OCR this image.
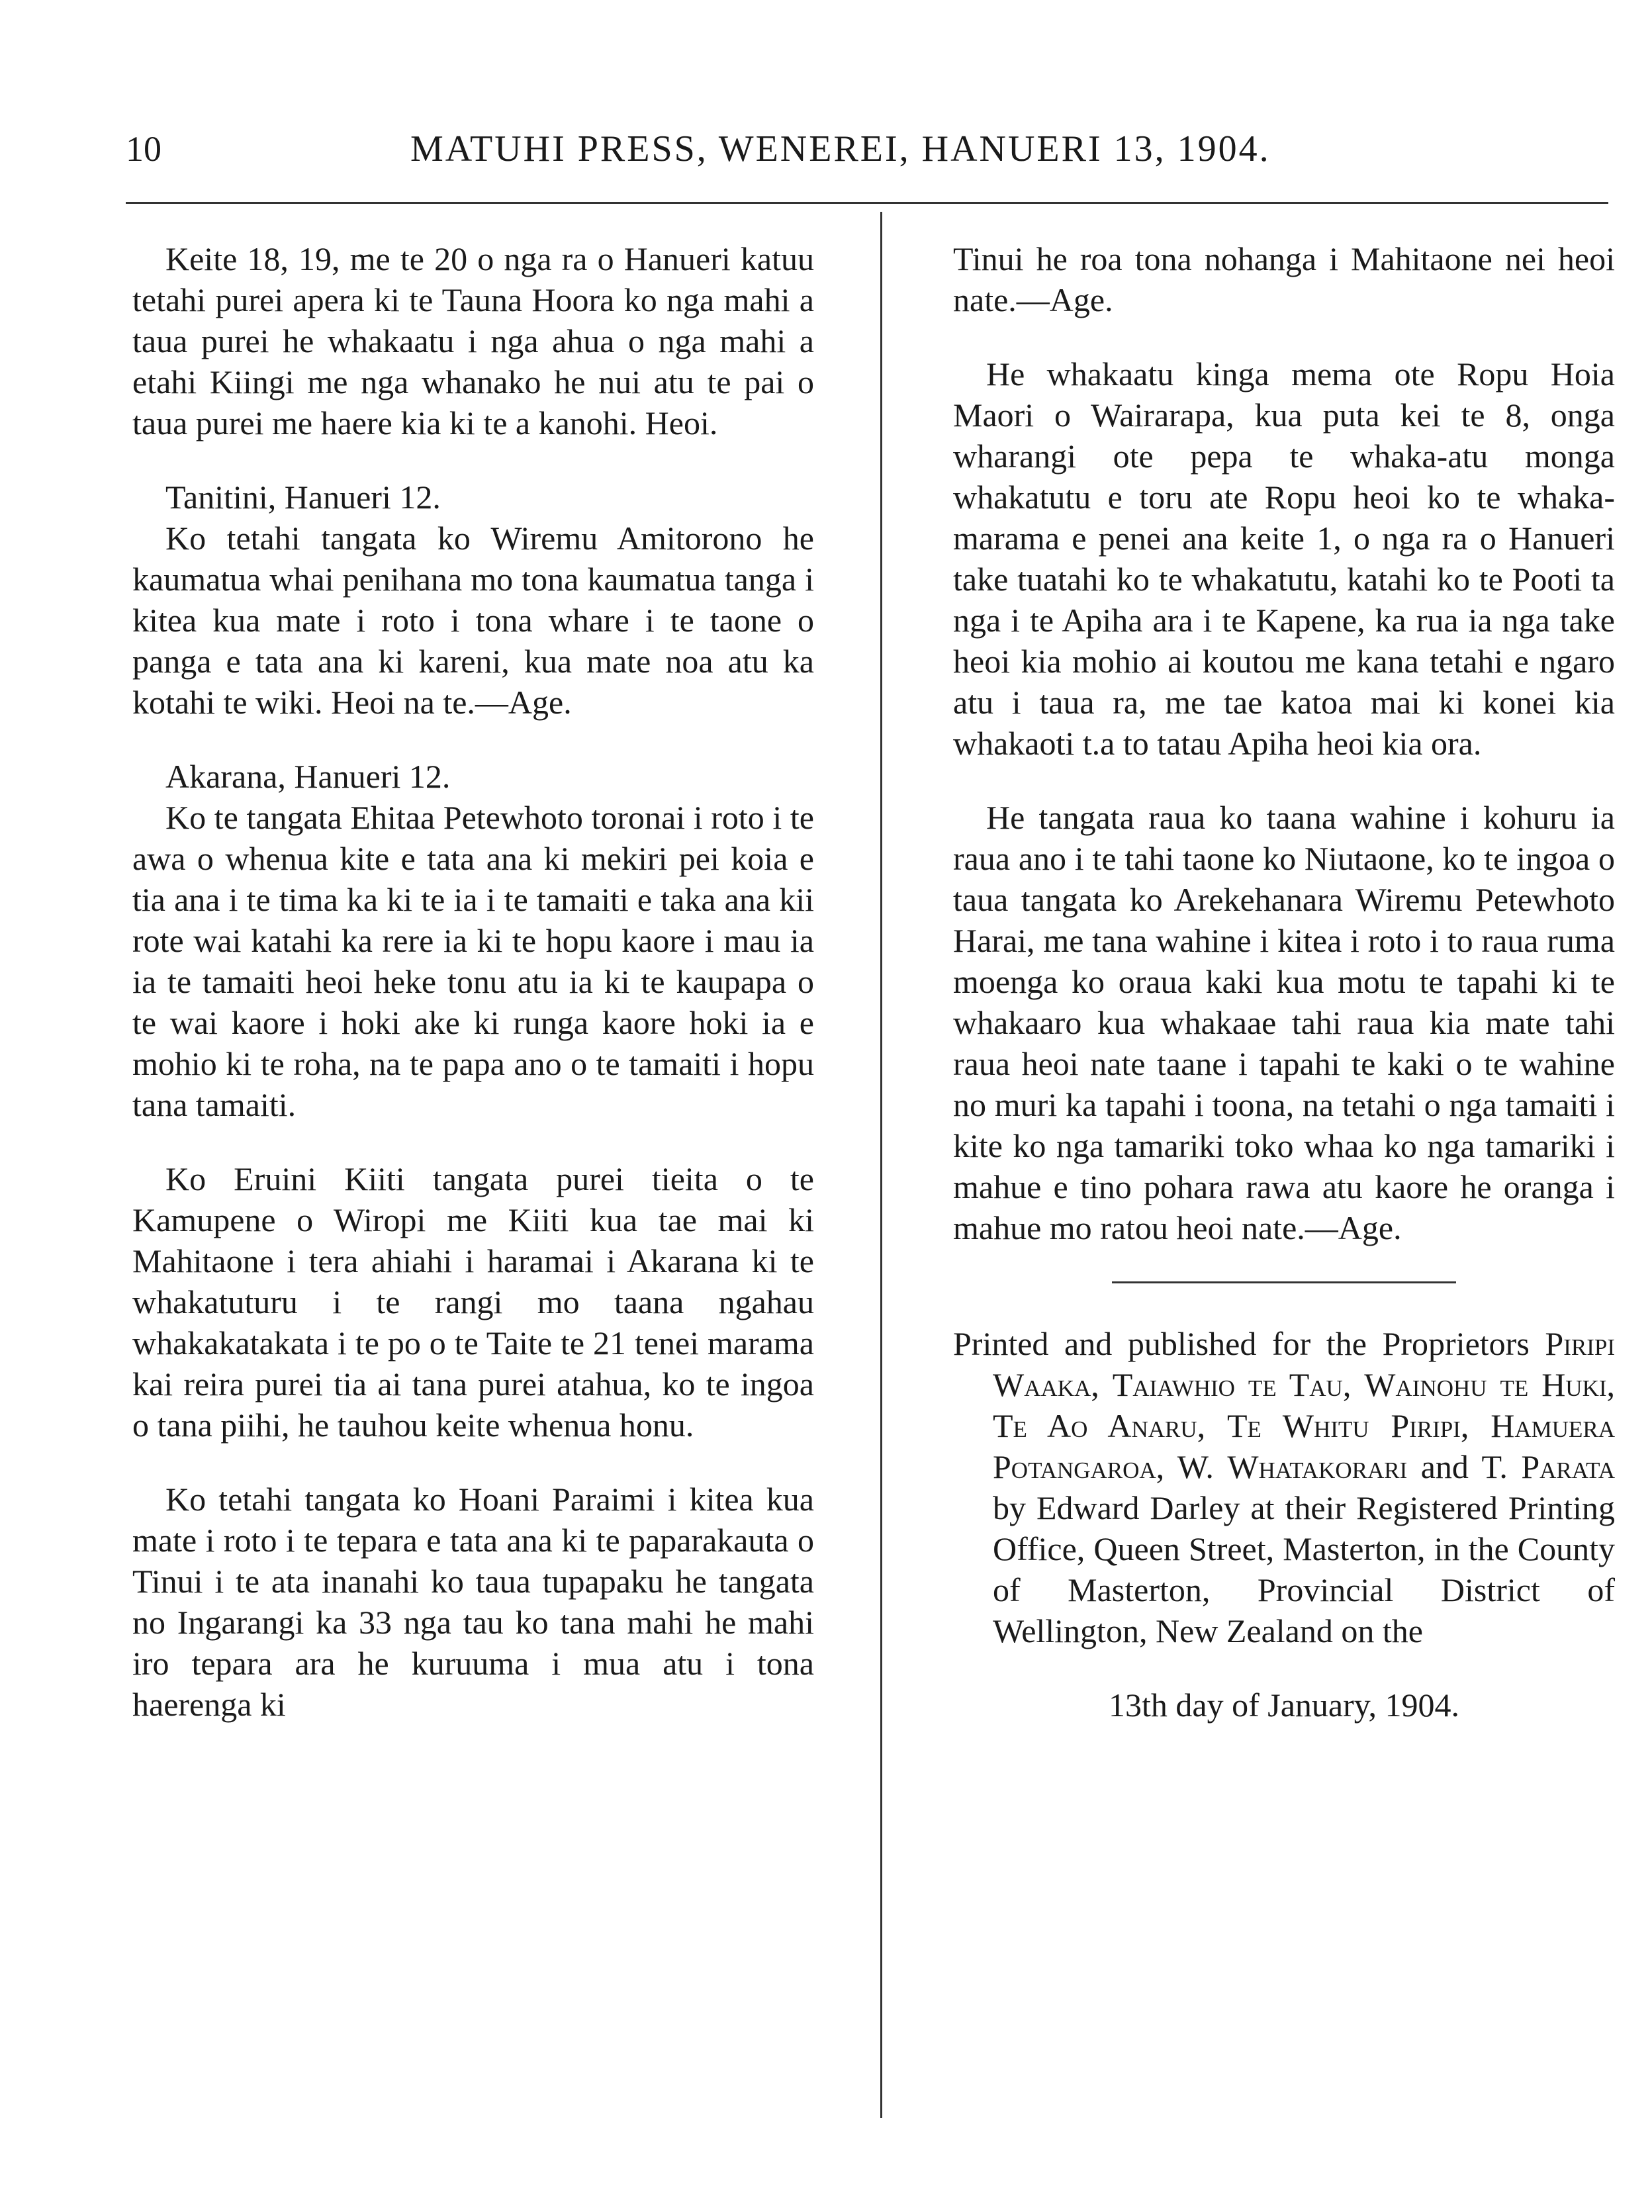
10	MATUHI PRESS, WENEREI, HANUERI 13, 1904.

Keite 18, 19, me te 20 o nga ra o Hanueri katuu tetahi purei apera ki te Tauna Hoora ko nga mahi a taua purei he whakaatu i nga ahua o nga mahi a etahi Kiingi me nga whanako he nui atu te pai o taua purei me haere kia ki te a kanohi. Heoi.

Tanitini, Hanueri 12.

Ko tetahi tangata ko Wiremu Amitorono he kaumatua whai penihana mo tona kaumatua tanga i kitea kua mate i roto i tona whare i te taone o panga e tata ana ki kareni, kua mate noa atu ka kotahi te wiki. Heoi na te.—Age.

Akarana, Hanueri 12.

Ko te tangata Ehitaa Petewhoto toronai i roto i te awa o whenua kite e tata ana ki mekiri pei koia e tia ana i te tima ka ki te ia i te tamaiti e taka ana kii rote wai katahi ka rere ia ki te hopu kaore i mau ia ia te tamaiti heoi heke tonu atu ia ki te kaupapa o te wai kaore i hoki ake ki runga kaore hoki ia e mohio ki te roha, na te papa ano o te tamaiti i hopu tana tamaiti.

Ko Eruini Kiiti tangata purei tieita o te Kamupene o Wiropi me Kiiti kua tae mai ki Mahitaone i tera ahiahi i haramai i Akarana ki te whakatuturu i te rangi mo taana ngahau whakakatakata i te po o te Taite te 21 tenei marama kai reira purei tia ai tana purei atahua, ko te ingoa o tana piihi, he tauhou keite whenua honu.

Ko tetahi tangata ko Hoani Paraimi i kitea kua mate i roto i te tepara e tata ana ki te paparakauta o Tinui i te ata inanahi ko taua tupapaku he tangata no Ingarangi ka 33 nga tau ko tana mahi he mahi iro tepara ara he kuruuma i mua atu i tona haerenga ki

Tinui he roa tona nohanga i Mahitaone nei heoi nate.—Age.

He whakaatu kinga mema ote Ropu Hoia Maori o Wairarapa, kua puta kei te 8, onga wharangi ote pepa te whaka-atu monga whakatutu e toru ate Ropu heoi ko te whaka-marama e penei ana keite 1, o nga ra o Hanueri take tuatahi ko te whakatutu, katahi ko te Pooti ta nga i te Apiha ara i te Kapene, ka rua ia nga take heoi kia mohio ai koutou me kana tetahi e ngaro atu i taua ra, me tae katoa mai ki konei kia whakaoti t.a to tatau Apiha heoi kia ora.

He tangata raua ko taana wahine i kohuru ia raua ano i te tahi taone ko Niutaone, ko te ingoa o taua tangata ko Arekehanara Wiremu Petewhoto Harai, me tana wahine i kitea i roto i to raua ruma moenga ko oraua kaki kua motu te tapahi ki te whakaaro kua whakaae tahi raua kia mate tahi raua heoi nate taane i tapahi te kaki o te wahine no muri ka tapahi i toona, na tetahi o nga tamaiti i kite ko nga tamariki toko whaa ko nga tamariki i mahue e tino pohara rawa atu kaore he oranga i mahue mo ratou heoi nate.—Age.

Printed and published for the Proprietors Piripi Waaka, Taiawhio te Tau, Wainohu te Huki, Te Ao Anaru, Te Whitu Piripi, Hamuera Potangaroa, W. Whatakorari and T. Parata by Edward Darley at their Registered Printing Office, Queen Street, Masterton, in the County of Masterton, Provincial District of Wellington, New Zealand on the

13th day of January, 1904.
